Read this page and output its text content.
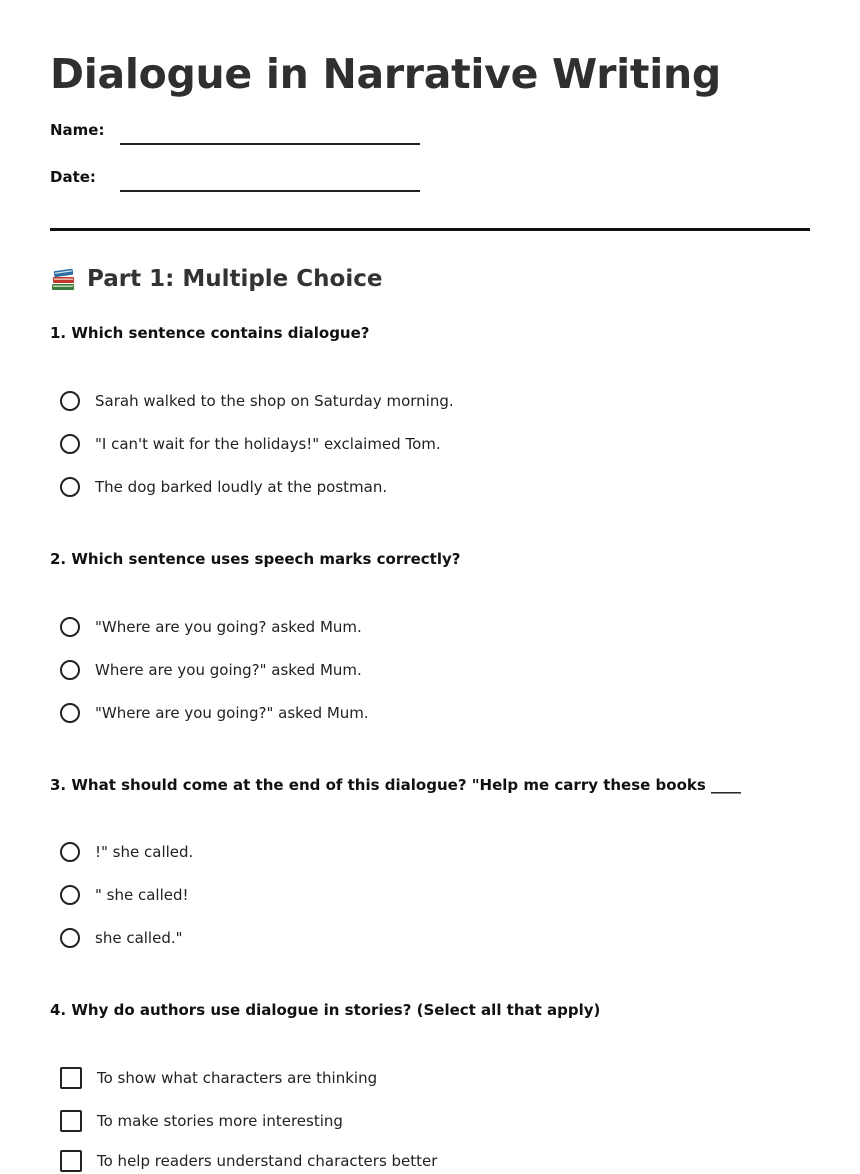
Dialogue in Narrative Writing
Name:
Date:
Part 1: Multiple Choice
1. Which sentence contains dialogue?
Sarah walked to the shop on Saturday morning.
"I can't wait for the holidays!" exclaimed Tom.
The dog barked loudly at the postman.
2. Which sentence uses speech marks correctly?
"Where are you going? asked Mum.
Where are you going?" asked Mum.
"Where are you going?" asked Mum.
3. What should come at the end of this dialogue? "Help me carry these books ____
!" she called.
" she called!
she called."
4. Why do authors use dialogue in stories? (Select all that apply)
To show what characters are thinking
To make stories more interesting
To help readers understand characters better
